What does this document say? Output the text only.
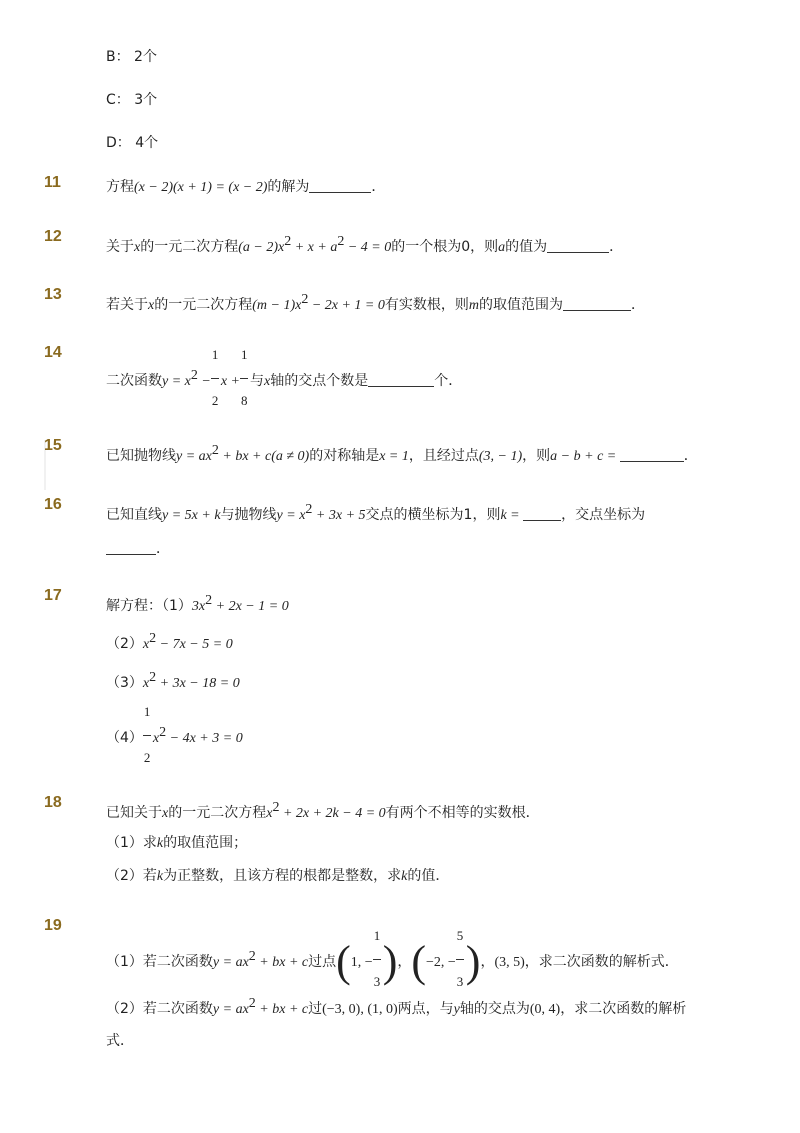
B： 2个
C： 3个
D： 4个
11	方程(x − 2)(x + 1) = (x − 2)的解为	．
12
关于x的一元二次方程$(a - 2)x^2 + x + a^2 - 4 = 0$的一个根为0，则a的值为	．
13
若关于x的一元二次方程$(m - 1)x^2 - 2x + 1 = 0$有实数根，则m的取值范围为	．
14
二次函数$y = x^2 - \frac{1}{2}$ $x + \frac{1}{8}$ 与x轴的交点个数是	个．
15
已知抛物线$y = ax^2$ + bx + c(a ≠ 0)的对称轴是x = 1，且经过点(3, − 1)，则a − b + c =	．
16
已知直线y = 5x + k与抛物线$y = x^2 + 3x + 5$交点的横坐标为1，则k =	，交点坐标为
．
17
解方程：$(1)3x^2 + 2x - 1 = 0$
$(2)x^2 - 7x - 5 = 0$
$(3)x^2 + 3x - 18 = 0$
$(4) \frac{1}{2} x^2 - 4x + 3 = 0$
18
已知关于x的一元二次方程$x^2 + 2x + 2k - 4 = 0$有两个不相等的实数根．
（1）求k的取值范围；
（2）若k为正整数，且该方程的根都是整数，求k的值．
19
（1）若二次函数$y = ax^2$ + bx + c过点(1, − $\frac{1}{3}$ )，(−2, − $\frac{5}{3}$ )，(3, 5)，求二次函数的解析式．
（2）若二次函数$y = ax^2$ + bx + c过(−3, 0), (1, 0)两点，与y轴的交点为(0, 4)，求二次函数的解析
式．
